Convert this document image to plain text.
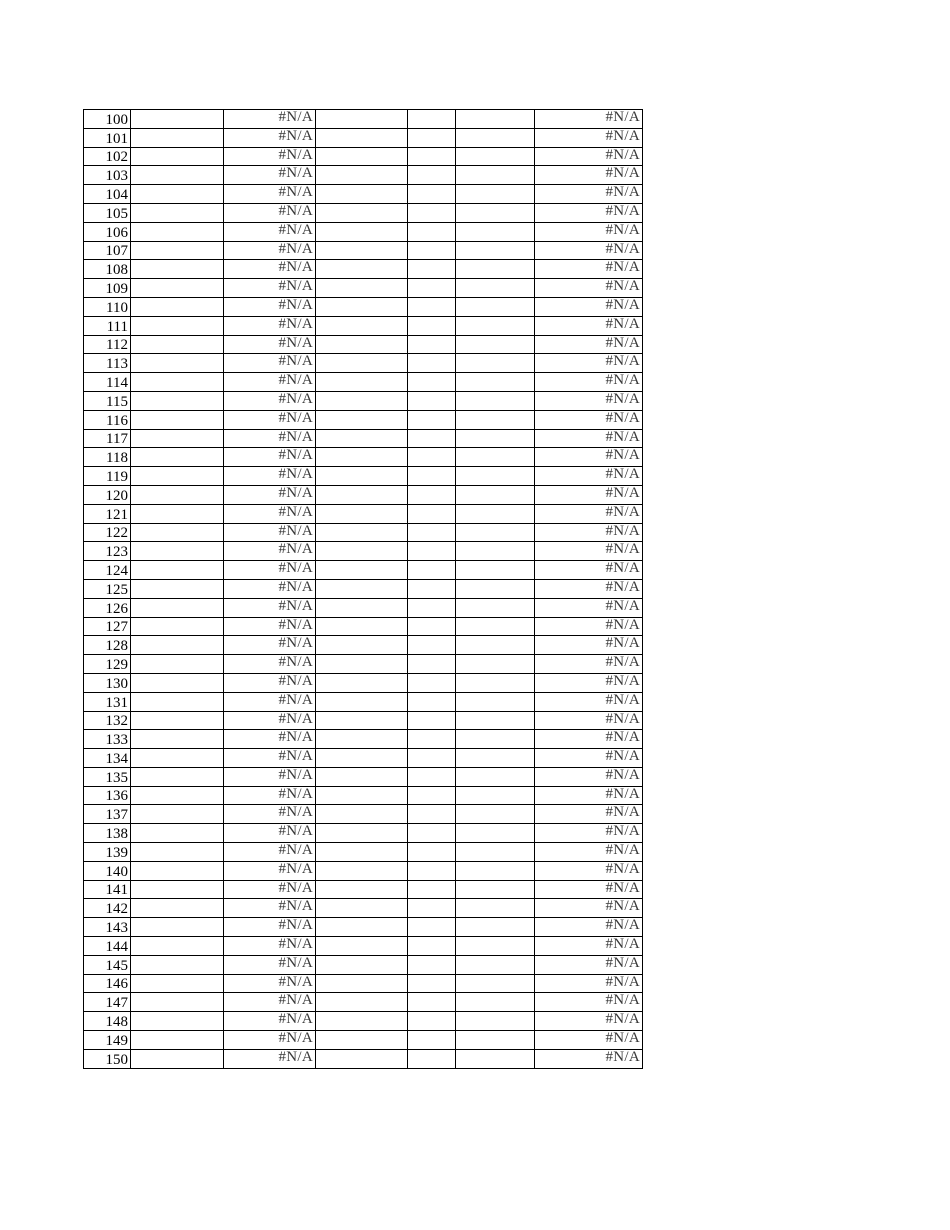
100		#N/A				#N/A
101		#N/A				#N/A
102		#N/A				#N/A
103		#N/A				#N/A
104		#N/A				#N/A
105		#N/A				#N/A
106		#N/A				#N/A
107		#N/A				#N/A
108		#N/A				#N/A
109		#N/A				#N/A
110		#N/A				#N/A
111		#N/A				#N/A
112		#N/A				#N/A
113		#N/A				#N/A
114		#N/A				#N/A
115		#N/A				#N/A
116		#N/A				#N/A
117		#N/A				#N/A
118		#N/A				#N/A
119		#N/A				#N/A
120		#N/A				#N/A
121		#N/A				#N/A
122		#N/A				#N/A
123		#N/A				#N/A
124		#N/A				#N/A
125		#N/A				#N/A
126		#N/A				#N/A
127		#N/A				#N/A
128		#N/A				#N/A
129		#N/A				#N/A
130		#N/A				#N/A
131		#N/A				#N/A
132		#N/A				#N/A
133		#N/A				#N/A
134		#N/A				#N/A
135		#N/A				#N/A
136		#N/A				#N/A
137		#N/A				#N/A
138		#N/A				#N/A
139		#N/A				#N/A
140		#N/A				#N/A
141		#N/A				#N/A
142		#N/A				#N/A
143		#N/A				#N/A
144		#N/A				#N/A
145		#N/A				#N/A
146		#N/A				#N/A
147		#N/A				#N/A
148		#N/A				#N/A
149		#N/A				#N/A
150		#N/A				#N/A
